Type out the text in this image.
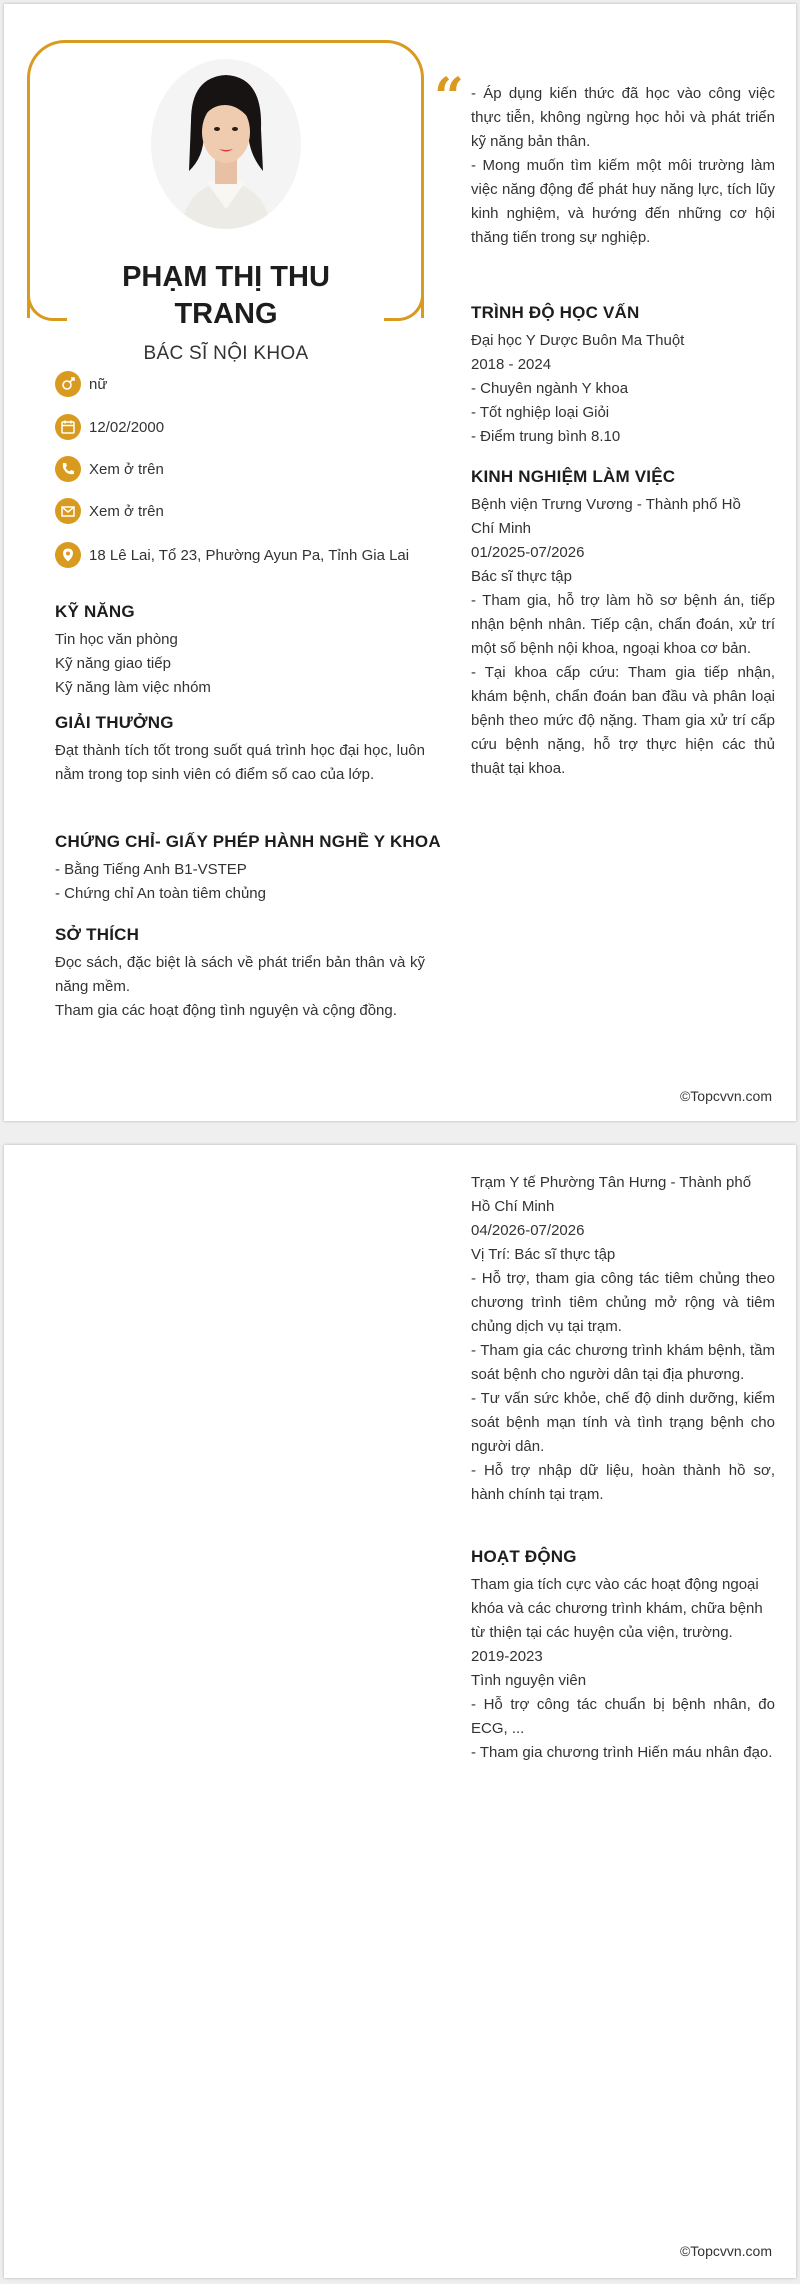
PHẠM THỊ THU
TRANG
BÁC SĨ NỘI KHOA
nữ
12/02/2000
Xem ở trên
Xem ở trên
18 Lê Lai, Tổ 23, Phường Ayun Pa, Tỉnh Gia Lai
KỸ NĂNG
Tin học văn phòng
Kỹ năng giao tiếp
Kỹ năng làm việc nhóm
GIẢI THƯỞNG
Đạt thành tích tốt trong suốt quá trình học đại học, luôn nằm trong top sinh viên có điểm số cao của lớp.
CHỨNG CHỈ- GIẤY PHÉP HÀNH NGHỀ Y KHOA
- Bằng Tiếng Anh B1-VSTEP
- Chứng chỉ An toàn tiêm chủng
SỞ THÍCH
Đọc sách, đặc biệt là sách về phát triển bản thân và kỹ năng mềm.
Tham gia các hoạt động tình nguyện và cộng đồng.
“ - Áp dụng kiến thức đã học vào công việc thực tiễn, không ngừng học hỏi và phát triển kỹ năng bản thân.
- Mong muốn tìm kiếm một môi trường làm việc năng động để phát huy năng lực, tích lũy kinh nghiệm, và hướng đến những cơ hội thăng tiến trong sự nghiệp.
TRÌNH ĐỘ HỌC VẤN
Đại học Y Dược Buôn Ma Thuột
2018 - 2024
- Chuyên ngành Y khoa
- Tốt nghiệp loại Giỏi
- Điểm trung bình 8.10
KINH NGHIỆM LÀM VIỆC
Bệnh viện Trưng Vương - Thành phố Hồ Chí Minh
01/2025-07/2026
Bác sĩ thực tập
- Tham gia, hỗ trợ làm hồ sơ bệnh án, tiếp nhận bệnh nhân. Tiếp cận, chẩn đoán, xử trí một số bệnh nội khoa, ngoại khoa cơ bản.
- Tại khoa cấp cứu: Tham gia tiếp nhận, khám bệnh, chẩn đoán ban đầu và phân loại bệnh theo mức độ nặng. Tham gia xử trí cấp cứu bệnh nặng, hỗ trợ thực hiện các thủ thuật tại khoa.
©Topcvvn.com
Trạm Y tế Phường Tân Hưng - Thành phố Hồ Chí Minh
04/2026-07/2026
Vị Trí: Bác sĩ thực tập
- Hỗ trợ, tham gia công tác tiêm chủng theo chương trình tiêm chủng mở rộng và tiêm chủng dịch vụ tại trạm.
- Tham gia các chương trình khám bệnh, tầm soát bệnh cho người dân tại địa phương.
- Tư vấn sức khỏe, chế độ dinh dưỡng, kiểm soát bệnh mạn tính và tình trạng bệnh cho người dân.
- Hỗ trợ nhập dữ liệu, hoàn thành hồ sơ, hành chính tại trạm.
HOẠT ĐỘNG
Tham gia tích cực vào các hoạt động ngoại khóa và các chương trình khám, chữa bệnh từ thiện tại các huyện của viện, trường.
2019-2023
Tình nguyện viên
- Hỗ trợ công tác chuẩn bị bệnh nhân, đo ECG, ...
- Tham gia chương trình Hiến máu nhân đạo.
©Topcvvn.com
